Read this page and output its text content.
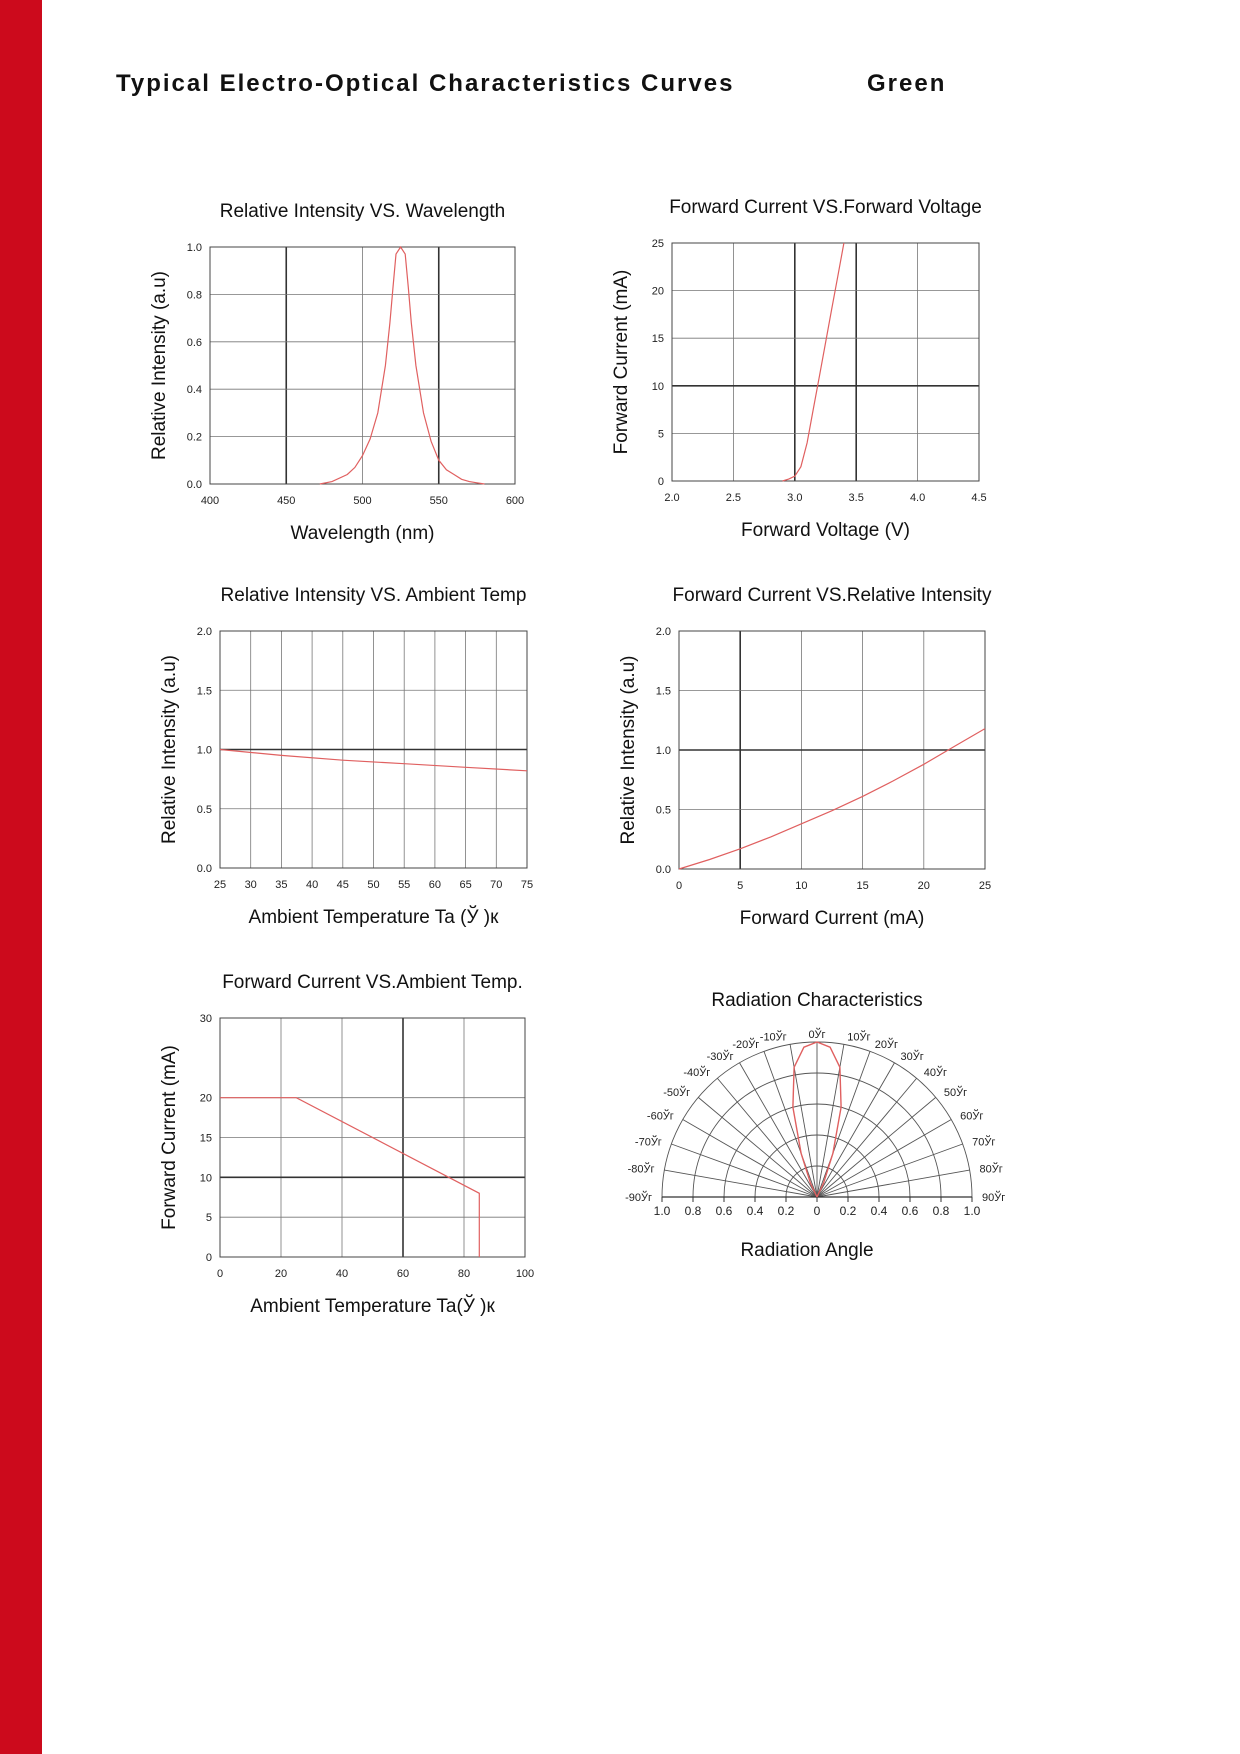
Typical Electro-Optical Characteristics Curves	Green
400	450	500	550	600
0.0
0.2
0.4
0.6
0.8
1.0
Relative Intensity VS. Wavelength
Wavelength (nm)
Relative Intensity (a.u)
2.0	2.5	3.0	3.5	4.0	4.5
0
5
10
15
20
25
Forward Current VS.Forward Voltage
Forward Voltage (V)
Forward Current (mA)
25 30 35 40 45 50 55 60 65 70 75
0.0
0.5
1.0
1.5
2.0
Relative Intensity VS. Ambient Temp
Ambient Temperature Ta (Ў )к
Relative Intensity (a.u)
0	5	10	15	20	25
0.0
0.5
1.0
1.5
2.0
Forward Current VS.Relative Intensity
Forward Current (mA)
Relative Intensity (a.u)
0	20	40	60	80	100
0
5
10
15
20
30
Forward Current VS.Ambient Temp.
Ambient Temperature Ta(Ў )к
Forward Current (mA)	1.0 0.8 0.6 0.4 0.2 0 0.2 0.4 0.6 0.8 1.0
0Ўг
-10Ўг
-20Ўг
-30Ўг
-40Ўг
-50Ўг
-60Ўг
-70Ўг
-80Ўг
-90Ўг
10Ўг
20Ўг
30Ўг
40Ўг
50Ўг
60Ўг
70Ўг
80Ўг
90Ўг
Radiation Characteristics
Radiation Angle
